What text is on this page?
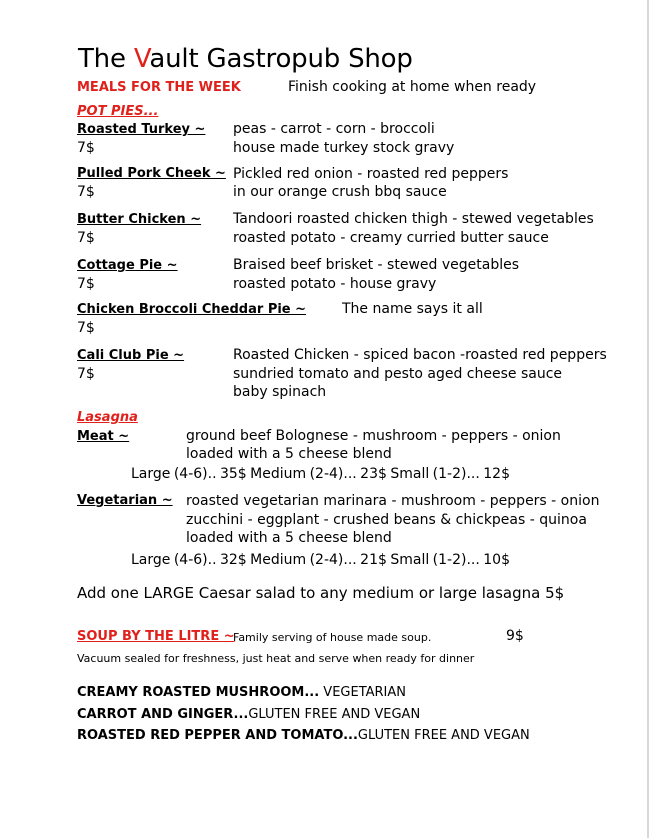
The Vault Gastropub Shop
MEALS FOR THE WEEK	Finish cooking at home when ready
POT PIES...
Roasted Turkey ~
7$
peas - carrot - corn - broccoli
house made turkey stock gravy
Pulled Pork Cheek ~
7$
Pickled red onion - roasted red peppers
in our orange crush bbq sauce
Butter Chicken ~
7$
Tandoori roasted chicken thigh - stewed vegetables
roasted potato - creamy curried butter sauce
Cottage Pie ~
7$
Braised beef brisket - stewed vegetables
roasted potato - house gravy
Chicken Broccoli Cheddar Pie ~
7$
The name says it all
Cali Club Pie ~
7$
Roasted Chicken - spiced bacon -roasted red peppers
sundried tomato and pesto aged cheese sauce
baby spinach
Lasagna
Meat ~	ground beef Bolognese - mushroom - peppers - onion
loaded with a 5 cheese blend
Large (4-6).. 35$ Medium (2-4)... 23$ Small (1-2)... 12$
Vegetarian ~ roasted vegetarian marinara - mushroom - peppers - onion
zucchini - eggplant - crushed beans & chickpeas - quinoa
loaded with a 5 cheese blend
Large (4-6).. 32$ Medium (2-4)... 21$ Small (1-2)... 10$
Add one LARGE Caesar salad to any medium or large lasagna 5$
SOUP BY THE LITRE ~
Family serving of house made soup.	9$
Vacuum sealed for freshness, just heat and serve when ready for dinner
CREAMY ROASTED MUSHROOM... VEGETARIAN
CARROT AND GINGER...GLUTEN FREE AND VEGAN
ROASTED RED PEPPER AND TOMATO...GLUTEN FREE AND VEGAN
